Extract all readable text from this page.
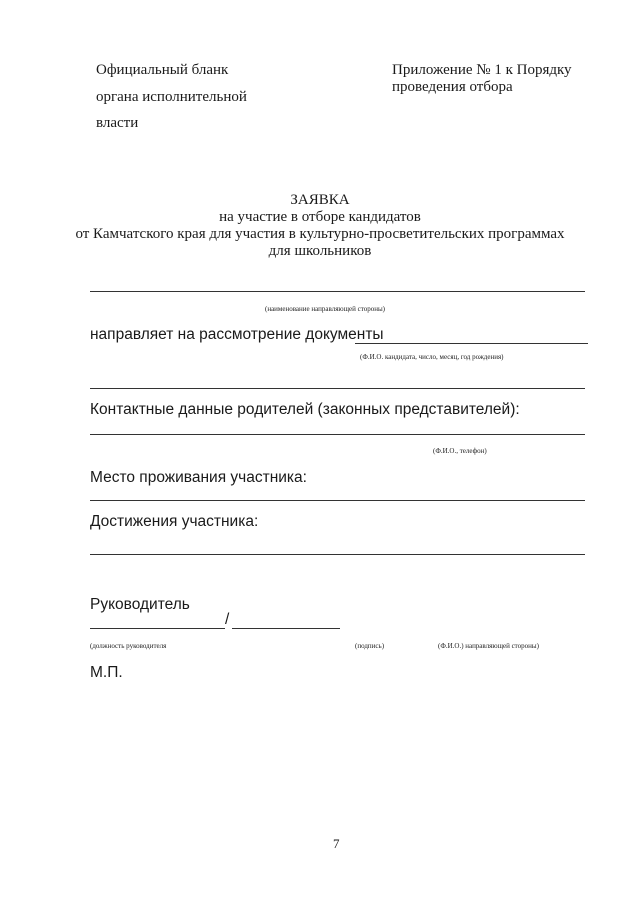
Официальный бланк
органа исполнительной
власти
Приложение № 1 к Порядку
проведения отбора
ЗАЯВКА
на участие в отборе кандидатов
от Камчатского края для участия в культурно-просветительских программах
для школьников
(наименование направляющей стороны)
направляет на рассмотрение документы
(Ф.И.О. кандидата, число, месяц, год рождения)
Контактные данные родителей (законных представителей):
(Ф.И.О., телефон)
Место проживания участника:
Достижения участника:
Руководитель
/
(должность руководителя	(подпись)	(Ф.И.О.) направляющей стороны)
М.П.
7
